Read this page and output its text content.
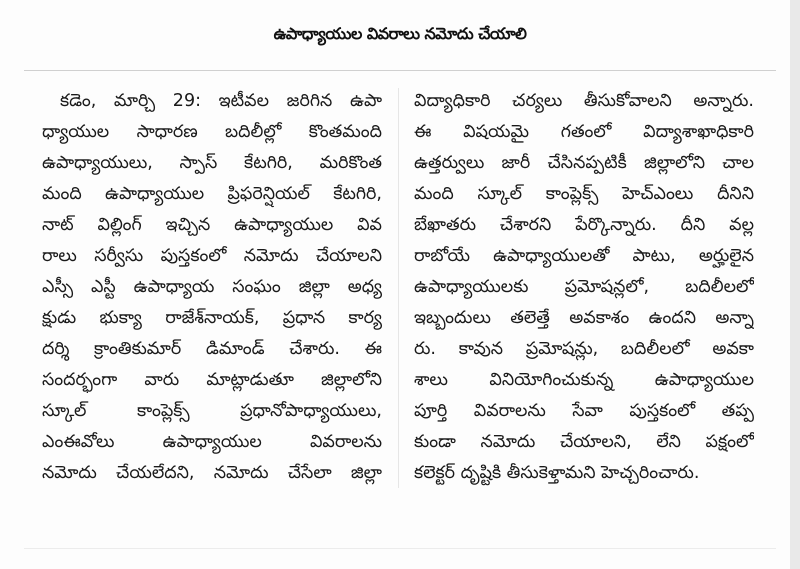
ఉపాధ్యాయుల వివరాలు నమోదు చేయాలి
కడెం, మార్చి 29: ఇటీవల జరిగిన ఉపా
ధ్యాయుల సాధారణ బదిలీల్లో కొంతమంది
ఉపాధ్యాయులు, స్పాస్ కేటగిరి, మరికొంత
మంది ఉపాధ్యాయుల ప్రిఫరెన్షియల్ కేటగిరి,
నాట్ విల్లింగ్ ఇచ్చిన ఉపాధ్యాయుల వివ
రాలు సర్వీసు పుస్తకంలో నమోదు చేయాలని
ఎస్సీ ఎస్టీ ఉపాధ్యాయ సంఘం జిల్లా అధ్య
క్షుడు భుక్యా రాజేశ్‌నాయక్, ప్రధాన కార్య
దర్శి క్రాంతికుమార్ డిమాండ్ చేశారు. ఈ
సందర్భంగా వారు మాట్లాడుతూ జిల్లాలోని
స్కూల్ కాంప్లెక్స్ ప్రధానోపాధ్యాయులు,
ఎంఈవోలు ఉపాధ్యాయుల వివరాలను
నమోదు చేయలేదని, నమోదు చేసేలా జిల్లా
విద్యాధికారి చర్యలు తీసుకోవాలని అన్నారు.
ఈ విషయమై గతంలో విద్యాశాఖాధికారి
ఉత్తర్వులు జారీ చేసినప్పటికీ జిల్లాలోని చాల
మంది స్కూల్ కాంప్లెక్స్ హెచ్ఎంలు దీనిని
బేఖాతరు చేశారని పేర్కొన్నారు. దీని వల్ల
రాబోయే ఉపాధ్యాయులతో పాటు, అర్హులైన
ఉపాధ్యాయులకు ప్రమోషన్లలో, బదిలీలలో
ఇబ్బందులు తలెత్తే అవకాశం ఉందని అన్నా
రు. కావున ప్రమోషన్లు, బదిలీలలో అవకా
శాలు వినియోగించుకున్న ఉపాధ్యాయుల
పూర్తి వివరాలను సేవా పుస్తకంలో తప్ప
కుండా నమోదు చేయాలని, లేని పక్షంలో
కలెక్టర్ దృష్టికి తీసుకెళ్తామని హెచ్చరించారు.
